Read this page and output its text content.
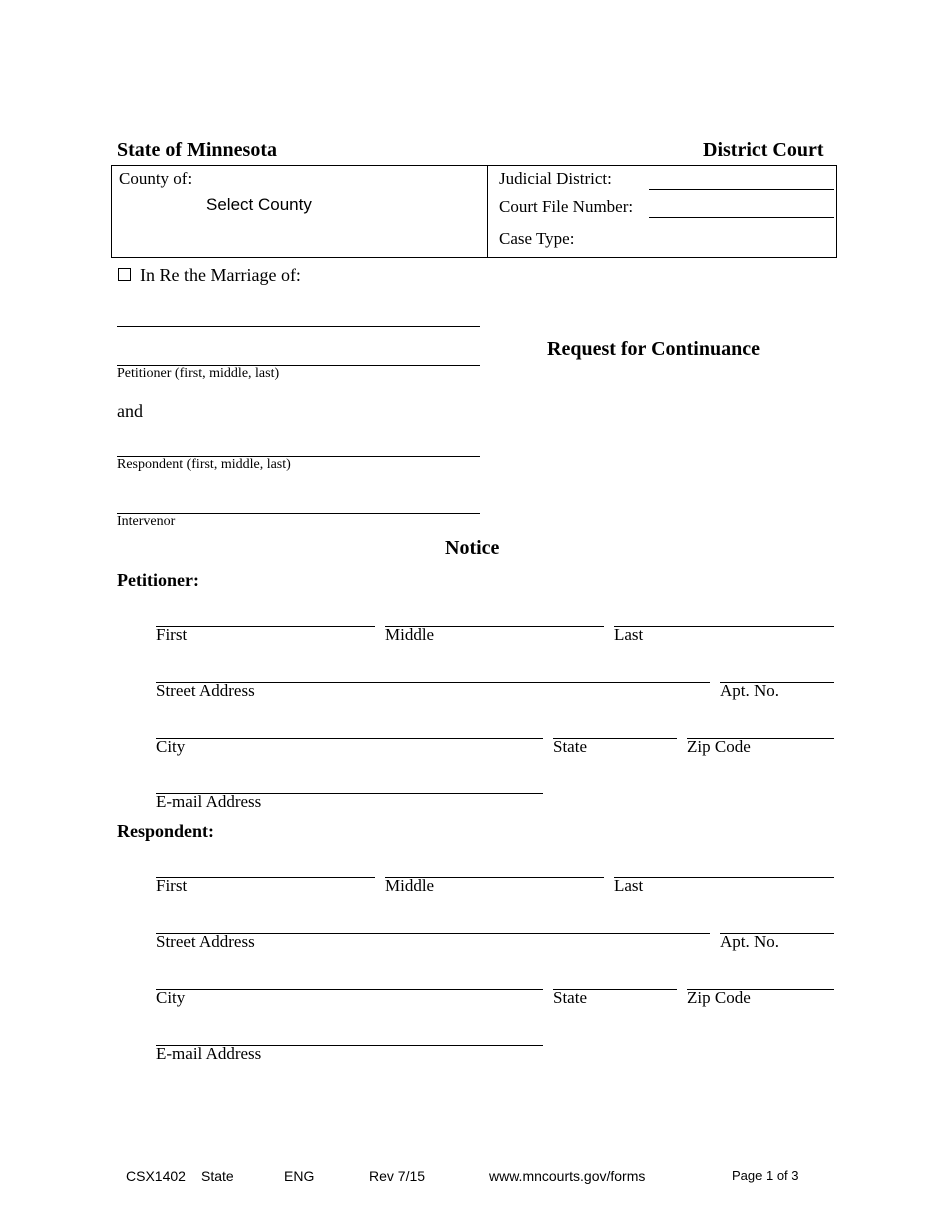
State of Minnesota	District Court
County of:
Select County
Judicial District:
Court File Number:
Case Type:
In Re the Marriage of:
Petitioner (first, middle, last)
and
Respondent (first, middle, last)
Intervenor
Request for Continuance
Notice
Petitioner:
First	Middle	Last
Street Address	Apt. No.
City	State	Zip Code
E-mail Address
Respondent:
First	Middle	Last
Street Address	Apt. No.
City	State	Zip Code
E-mail Address
CSX1402 State	ENG	Rev 7/15	www.mncourts.gov/forms	Page 1 of 3
